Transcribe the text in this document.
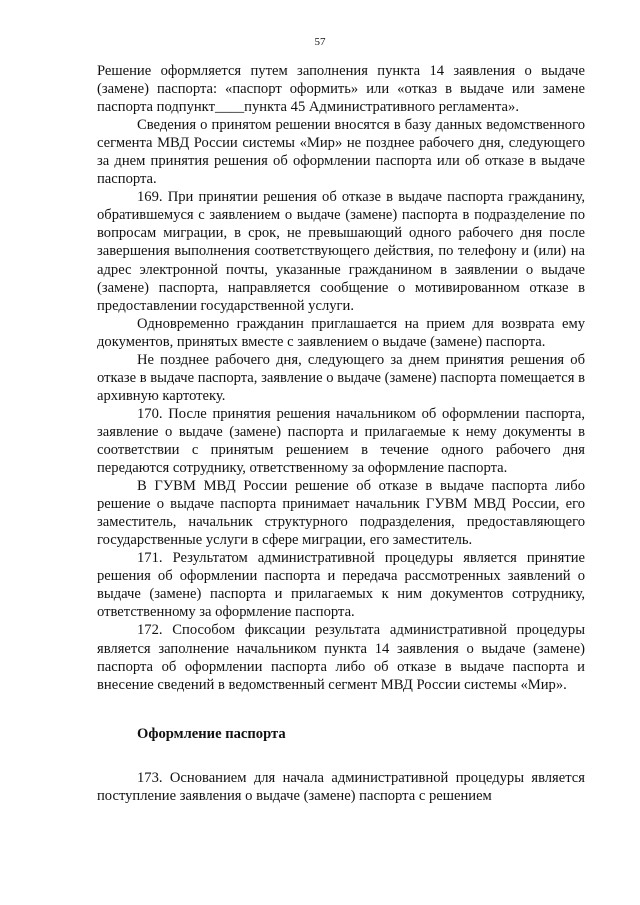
57

Решение оформляется путем заполнения пункта 14 заявления о выдаче (замене) паспорта: «паспорт оформить» или «отказ в выдаче или замене паспорта подпункт____пункта 45 Административного регламента».

Сведения о принятом решении вносятся в базу данных ведомственного сегмента МВД России системы «Мир» не позднее рабочего дня, следующего за днем принятия решения об оформлении паспорта или об отказе в выдаче паспорта.

169. При принятии решения об отказе в выдаче паспорта гражданину, обратившемуся с заявлением о выдаче (замене) паспорта в подразделение по вопросам миграции, в срок, не превышающий одного рабочего дня после завершения выполнения соответствующего действия, по телефону и (или) на адрес электронной почты, указанные гражданином в заявлении о выдаче (замене) паспорта, направляется сообщение о мотивированном отказе в предоставлении государственной услуги.

Одновременно гражданин приглашается на прием для возврата ему документов, принятых вместе с заявлением о выдаче (замене) паспорта.

Не позднее рабочего дня, следующего за днем принятия решения об отказе в выдаче паспорта, заявление о выдаче (замене) паспорта помещается в архивную картотеку.

170. После принятия решения начальником об оформлении паспорта, заявление о выдаче (замене) паспорта и прилагаемые к нему документы в соответствии с принятым решением в течение одного рабочего дня передаются сотруднику, ответственному за оформление паспорта.

В ГУВМ МВД России решение об отказе в выдаче паспорта либо решение о выдаче паспорта принимает начальник ГУВМ МВД России, его заместитель, начальник структурного подразделения, предоставляющего государственные услуги в сфере миграции, его заместитель.

171. Результатом административной процедуры является принятие решения об оформлении паспорта и передача рассмотренных заявлений о выдаче (замене) паспорта и прилагаемых к ним документов сотруднику, ответственному за оформление паспорта.

172. Способом фиксации результата административной процедуры является заполнение начальником пункта 14 заявления о выдаче (замене) паспорта об оформлении паспорта либо об отказе в выдаче паспорта и внесение сведений в ведомственный сегмент МВД России системы «Мир».

Оформление паспорта

173. Основанием для начала административной процедуры является поступление заявления о выдаче (замене) паспорта с решением
